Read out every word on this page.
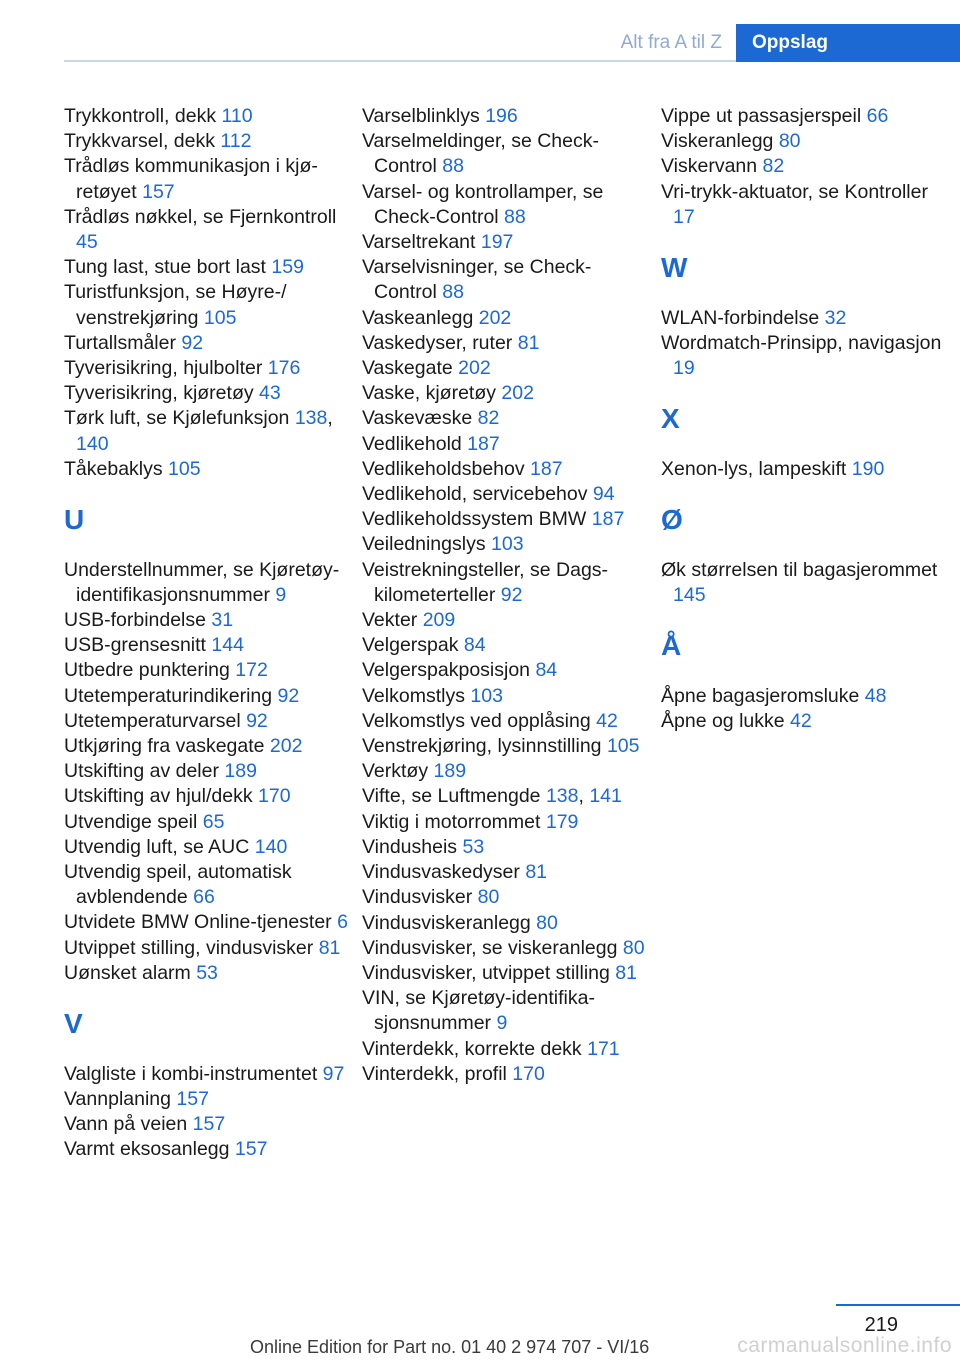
Alt fra A til Z	Oppslag
Trykkontroll, dekk 110
Trykkvarsel, dekk 112
Trådløs kommunikasjon i kjøretøyet 157
Trådløs nøkkel, se Fjernkontroll 45
Tung last, stue bort last 159
Turistfunksjon, se Høyre-/ venstrekjøring 105
Turtallsmåler 92
Tyverisikring, hjulbolter 176
Tyverisikring, kjøretøy 43
Tørk luft, se Kjølefunksjon 138, 140
Tåkebaklys 105
U
Understellnummer, se Kjøretøy-identifikasjonsnummer 9
USB-forbindelse 31
USB-grensesnitt 144
Utbedre punktering 172
Utetemperaturindikering 92
Utetemperaturvarsel 92
Utkjøring fra vaskegate 202
Utskifting av deler 189
Utskifting av hjul/dekk 170
Utvendige speil 65
Utvendig luft, se AUC 140
Utvendig speil, automatisk avblendende 66
Utvidete BMW Online-tjenester 6
Utvippet stilling, vindusvisker 81
Uønsket alarm 53
V
Valgliste i kombi-instrumentet 97
Vannplaning 157
Vann på veien 157
Varmt eksosanlegg 157
Varselblinklys 196
Varselmeldinger, se Check-Control 88
Varsel- og kontrollamper, se Check-Control 88
Varseltrekant 197
Varselvisninger, se Check-Control 88
Vaskeanlegg 202
Vaskedyser, ruter 81
Vaskegate 202
Vaske, kjøretøy 202
Vaskevæske 82
Vedlikehold 187
Vedlikeholdsbehov 187
Vedlikehold, servicebehov 94
Vedlikeholdssystem BMW 187
Veiledningslys 103
Veistrekningsteller, se Dagskilometerteller 92
Vekter 209
Velgerspak 84
Velgerspakposisjon 84
Velkomstlys 103
Velkomstlys ved opplåsing 42
Venstrekjøring, lysinnstilling 105
Verktøy 189
Vifte, se Luftmengde 138, 141
Viktig i motorrommet 179
Vindusheis 53
Vindusvaskedyser 81
Vindusvisker 80
Vindusviskeranlegg 80
Vindusvisker, se viskeranlegg 80
Vindusvisker, utvippet stilling 81
VIN, se Kjøretøy-identifikasjonsnummer 9
Vinterdekk, korrekte dekk 171
Vinterdekk, profil 170
Vippe ut passasjerspeil 66
Viskeranlegg 80
Viskervann 82
Vri-trykk-aktuator, se Kontroller 17
W
WLAN-forbindelse 32
Wordmatch-Prinsipp, navigasjon 19
X
Xenon-lys, lampeskift 190
Ø
Øk størrelsen til bagasjerommet 145
Å
Åpne bagasjeromsluke 48
Åpne og lukke 42
219
Online Edition for Part no. 01 40 2 974 707 - VI/16	carmanualsonline.info
